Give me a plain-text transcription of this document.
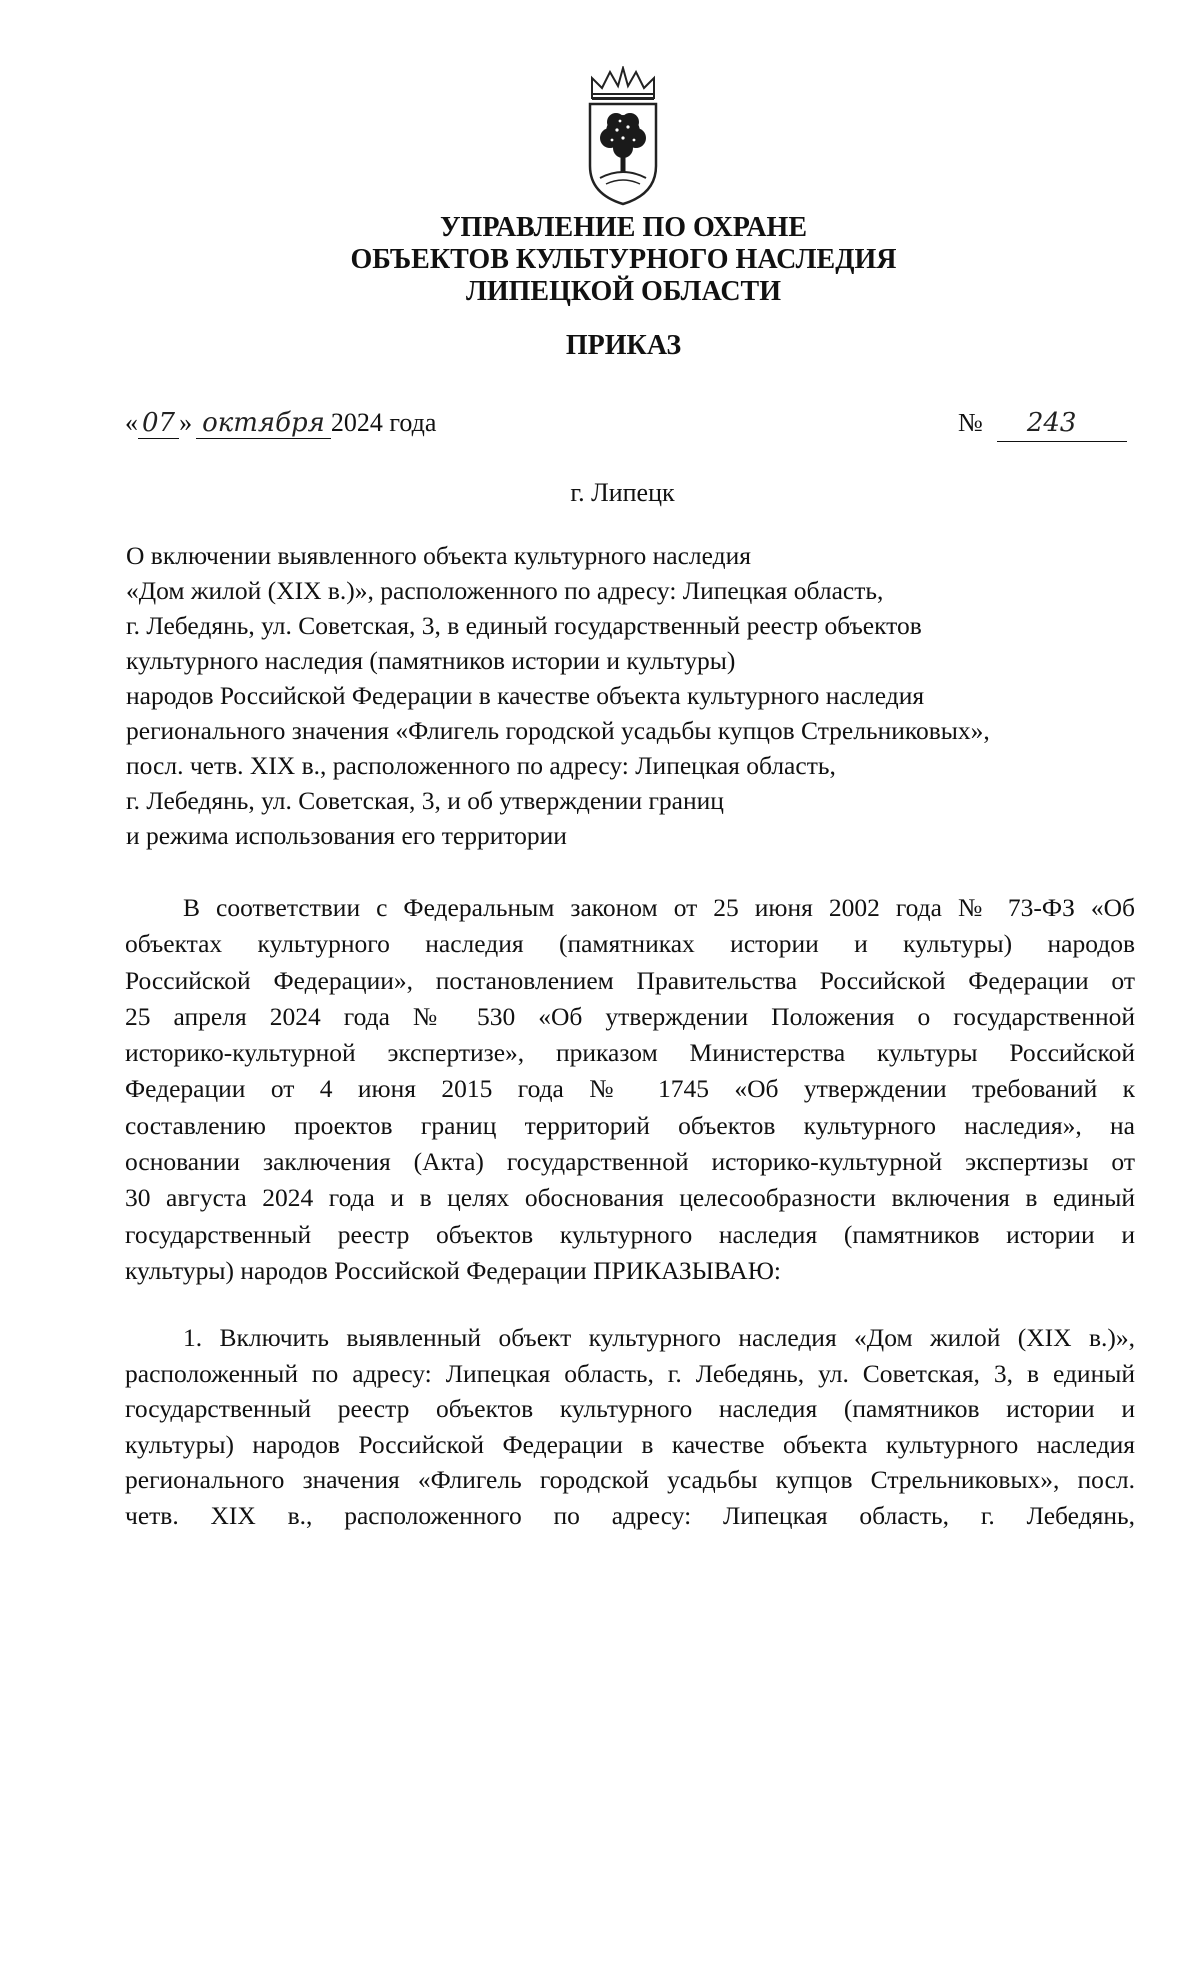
УПРАВЛЕНИЕ ПО ОХРАНЕ
ОБЪЕКТОВ КУЛЬТУРНОГО НАСЛЕДИЯ
ЛИПЕЦКОЙ ОБЛАСТИ
ПРИКАЗ
« 07 » октября 2024 года	№ 243
г. Липецк
О включении выявленного объекта культурного наследия
«Дом жилой (XIX в.)», расположенного по адресу: Липецкая область,
г. Лебедянь, ул. Советская, 3, в единый государственный реестр объектов
культурного наследия (памятников истории и культуры)
народов Российской Федерации в качестве объекта культурного наследия
регионального значения «Флигель городской усадьбы купцов Стрельниковых»,
посл. четв. XIX в., расположенного по адресу: Липецкая область,
г. Лебедянь, ул. Советская, 3, и об утверждении границ
и режима использования его территории
В соответствии с Федеральным законом от 25 июня 2002 года № 73-ФЗ «Об
объектах культурного наследия (памятниках истории и культуры) народов
Российской Федерации», постановлением Правительства Российской Федерации от
25 апреля 2024 года № 530 «Об утверждении Положения о государственной
историко-культурной экспертизе», приказом Министерства культуры Российской
Федерации от 4 июня 2015 года № 1745 «Об утверждении требований к
составлению проектов границ территорий объектов культурного наследия», на
основании заключения (Акта) государственной историко-культурной экспертизы от
30 августа 2024 года и в целях обоснования целесообразности включения в единый
государственный реестр объектов культурного наследия (памятников истории и
культуры) народов Российской Федерации ПРИКАЗЫВАЮ:
1. Включить выявленный объект культурного наследия «Дом жилой (XIX в.)»,
расположенный по адресу: Липецкая область, г. Лебедянь, ул. Советская, 3, в единый
государственный реестр объектов культурного наследия (памятников истории и
культуры) народов Российской Федерации в качестве объекта культурного наследия
регионального значения «Флигель городской усадьбы купцов Стрельниковых», посл.
четв. XIX в., расположенного по адресу: Липецкая область, г. Лебедянь,
